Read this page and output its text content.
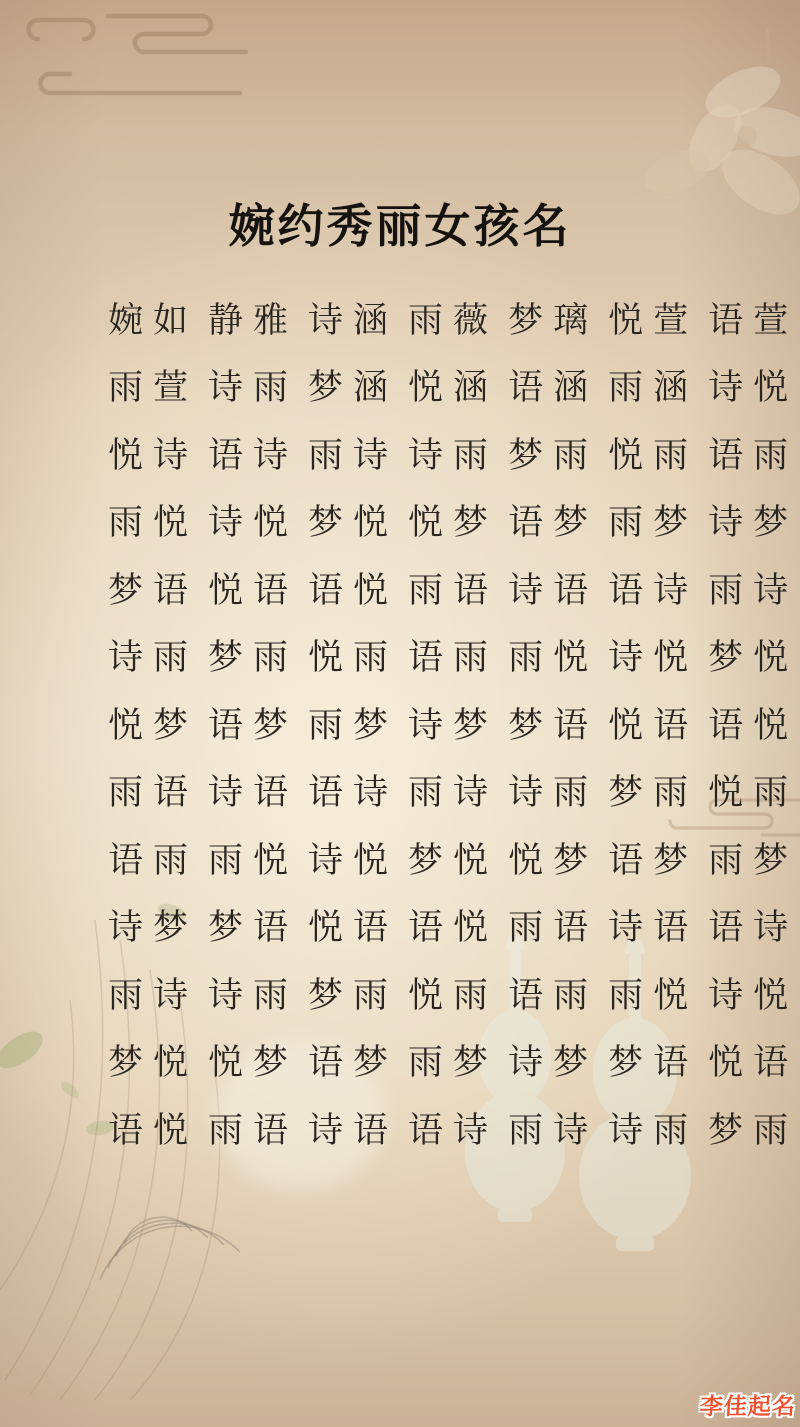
婉约秀丽女孩名
婉如 静雅 诗涵 雨薇 梦璃 悦萱 语萱
雨萱 诗雨 梦涵 悦涵 语涵 雨涵 诗悦
悦诗 语诗 雨诗 诗雨 梦雨 悦雨 语雨
雨悦 诗悦 梦悦 悦梦 语梦 雨梦 诗梦
梦语 悦语 语悦 雨语 诗语 语诗 雨诗
诗雨 梦雨 悦雨 语雨 雨悦 诗悦 梦悦
悦梦 语梦 雨梦 诗梦 梦语 悦语 语悦
雨语 诗语 语诗 雨诗 诗雨 梦雨 悦雨
语雨 雨悦 诗悦 梦悦 悦梦 语梦 雨梦
诗梦 梦语 悦语 语悦 雨语 诗语 语诗
雨诗 诗雨 梦雨 悦雨 语雨 雨悦 诗悦
梦悦 悦梦 语梦 雨梦 诗梦 梦语 悦语
语悦 雨语 诗语 语诗 雨诗 诗雨 梦雨
李佳起名
